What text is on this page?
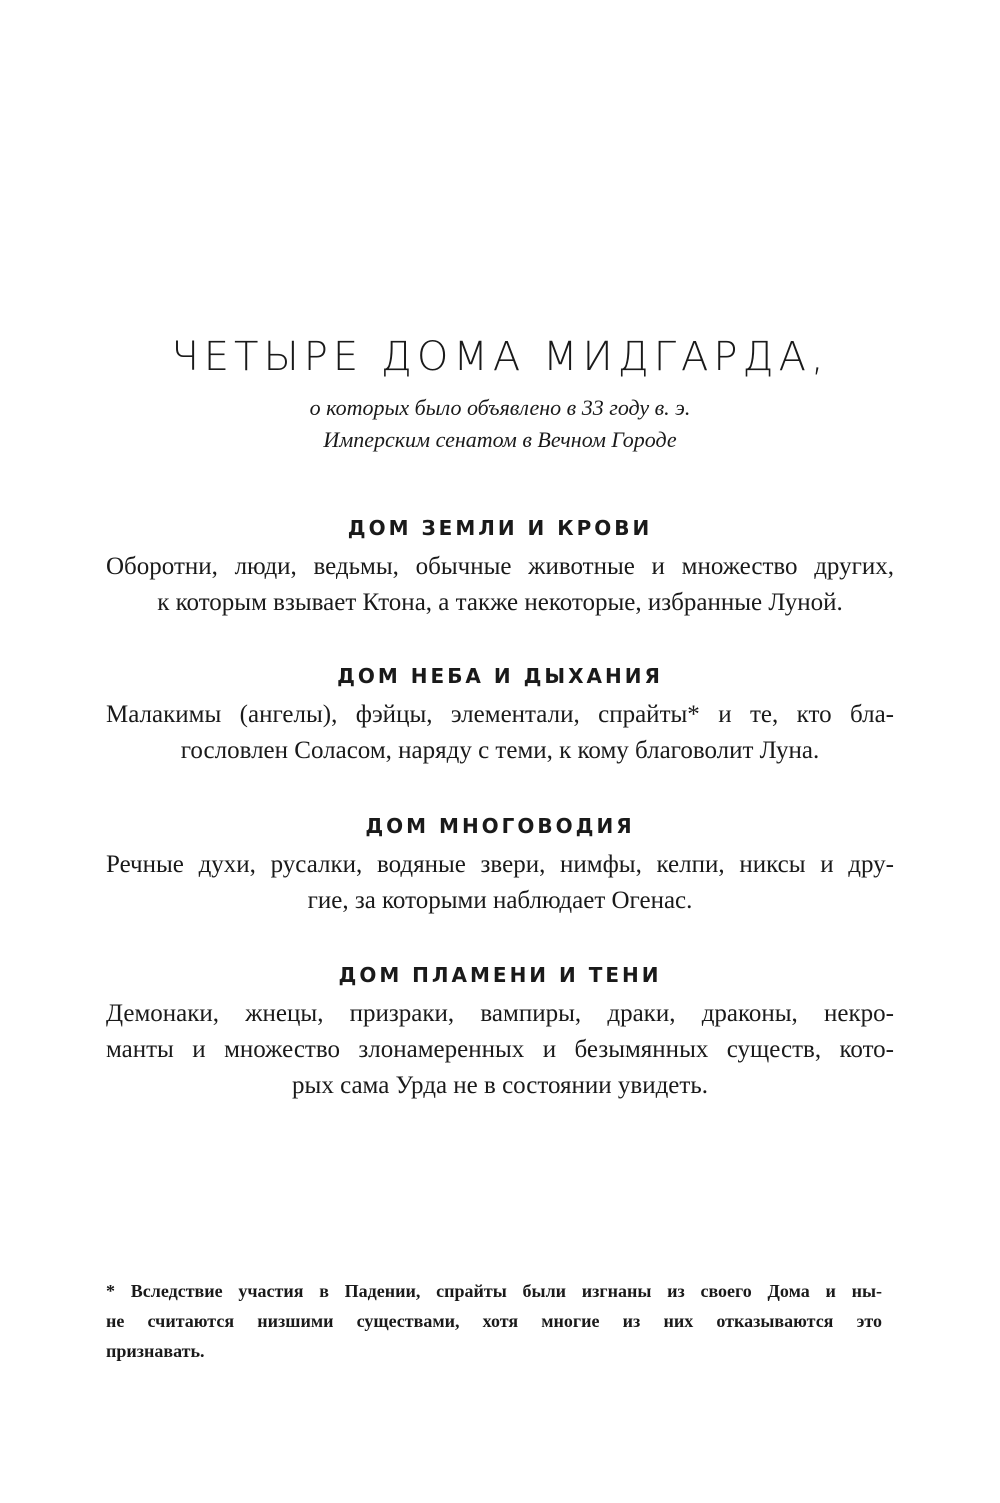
ЧЕТЫРЕ ДОМА МИДГАРДА,

о которых было объявлено в 33 году в. э.
Имперским сенатом в Вечном Городе

ДОМ ЗЕМЛИ И КРОВИ

Оборотни, люди, ведьмы, обычные животные и множество других,
к которым взывает Ктона, а также некоторые, избранные Луной.

ДОМ НЕБА И ДЫХАНИЯ

Малакимы (ангелы), фэйцы, элементали, спрайты* и те, кто бла-
гословлен Соласом, наряду с теми, к кому благоволит Луна.

ДОМ МНОГОВОДИЯ

Речные духи, русалки, водяные звери, нимфы, келпи, никсы и дру-
гие, за которыми наблюдает Огенас.

ДОМ ПЛАМЕНИ И ТЕНИ

Демонаки, жнецы, призраки, вампиры, драки, драконы, некро-
манты и множество злонамеренных и безымянных существ, кото-
рых сама Урда не в состоянии увидеть.

* Вследствие участия в Падении, спрайты были изгнаны из своего Дома и ны-
не считаются низшими существами, хотя многие из них отказываются это
признавать.
